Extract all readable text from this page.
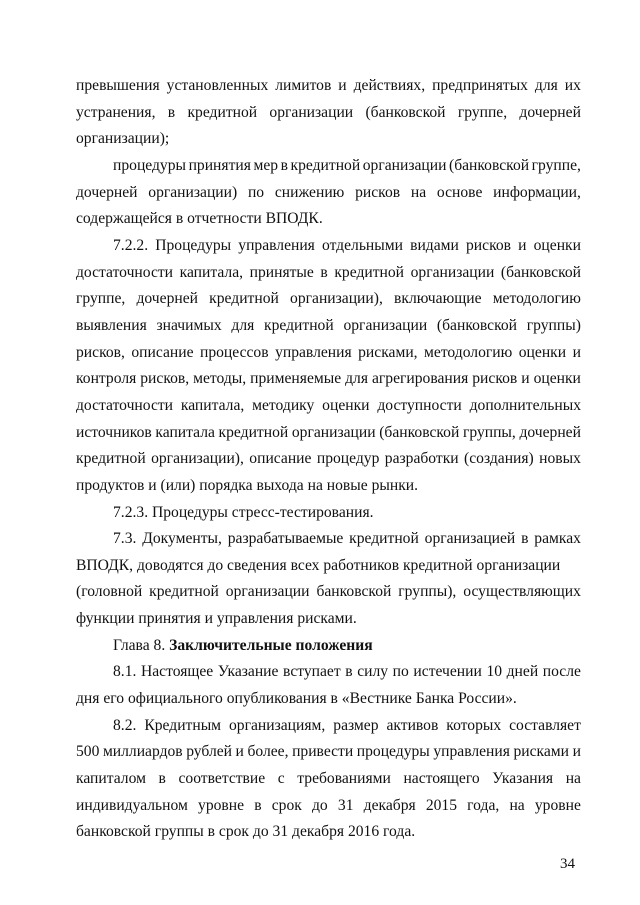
превышения установленных лимитов и действиях, предпринятых для их
устранения, в кредитной организации (банковской группе, дочерней
организации);
процедуры принятия мер в кредитной организации (банковской группе,
дочерней организации) по снижению рисков на основе информации,
содержащейся в отчетности ВПОДК.
7.2.2. Процедуры управления отдельными видами рисков и оценки
достаточности капитала, принятые в кредитной организации (банковской
группе, дочерней кредитной организации), включающие методологию
выявления значимых для кредитной организации (банковской группы)
рисков, описание процессов управления рисками, методологию оценки и
контроля рисков, методы, применяемые для агрегирования рисков и оценки
достаточности капитала, методику оценки доступности дополнительных
источников капитала кредитной организации (банковской группы, дочерней
кредитной организации), описание процедур разработки (создания) новых
продуктов и (или) порядка выхода на новые рынки.
7.2.3. Процедуры стресс-тестирования.
7.3. Документы, разрабатываемые кредитной организацией в рамках
ВПОДК, доводятся до сведения всех работников кредитной организации
(головной кредитной организации банковской группы), осуществляющих
функции принятия и управления рисками.
Глава 8. Заключительные положения
8.1. Настоящее Указание вступает в силу по истечении 10 дней после
дня его официального опубликования в «Вестнике Банка России».
8.2. Кредитным организациям, размер активов которых составляет
500 миллиардов рублей и более, привести процедуры управления рисками и
капиталом в соответствие с требованиями настоящего Указания на
индивидуальном уровне в срок до 31 декабря 2015 года, на уровне
банковской группы в срок до 31 декабря 2016 года.
34
